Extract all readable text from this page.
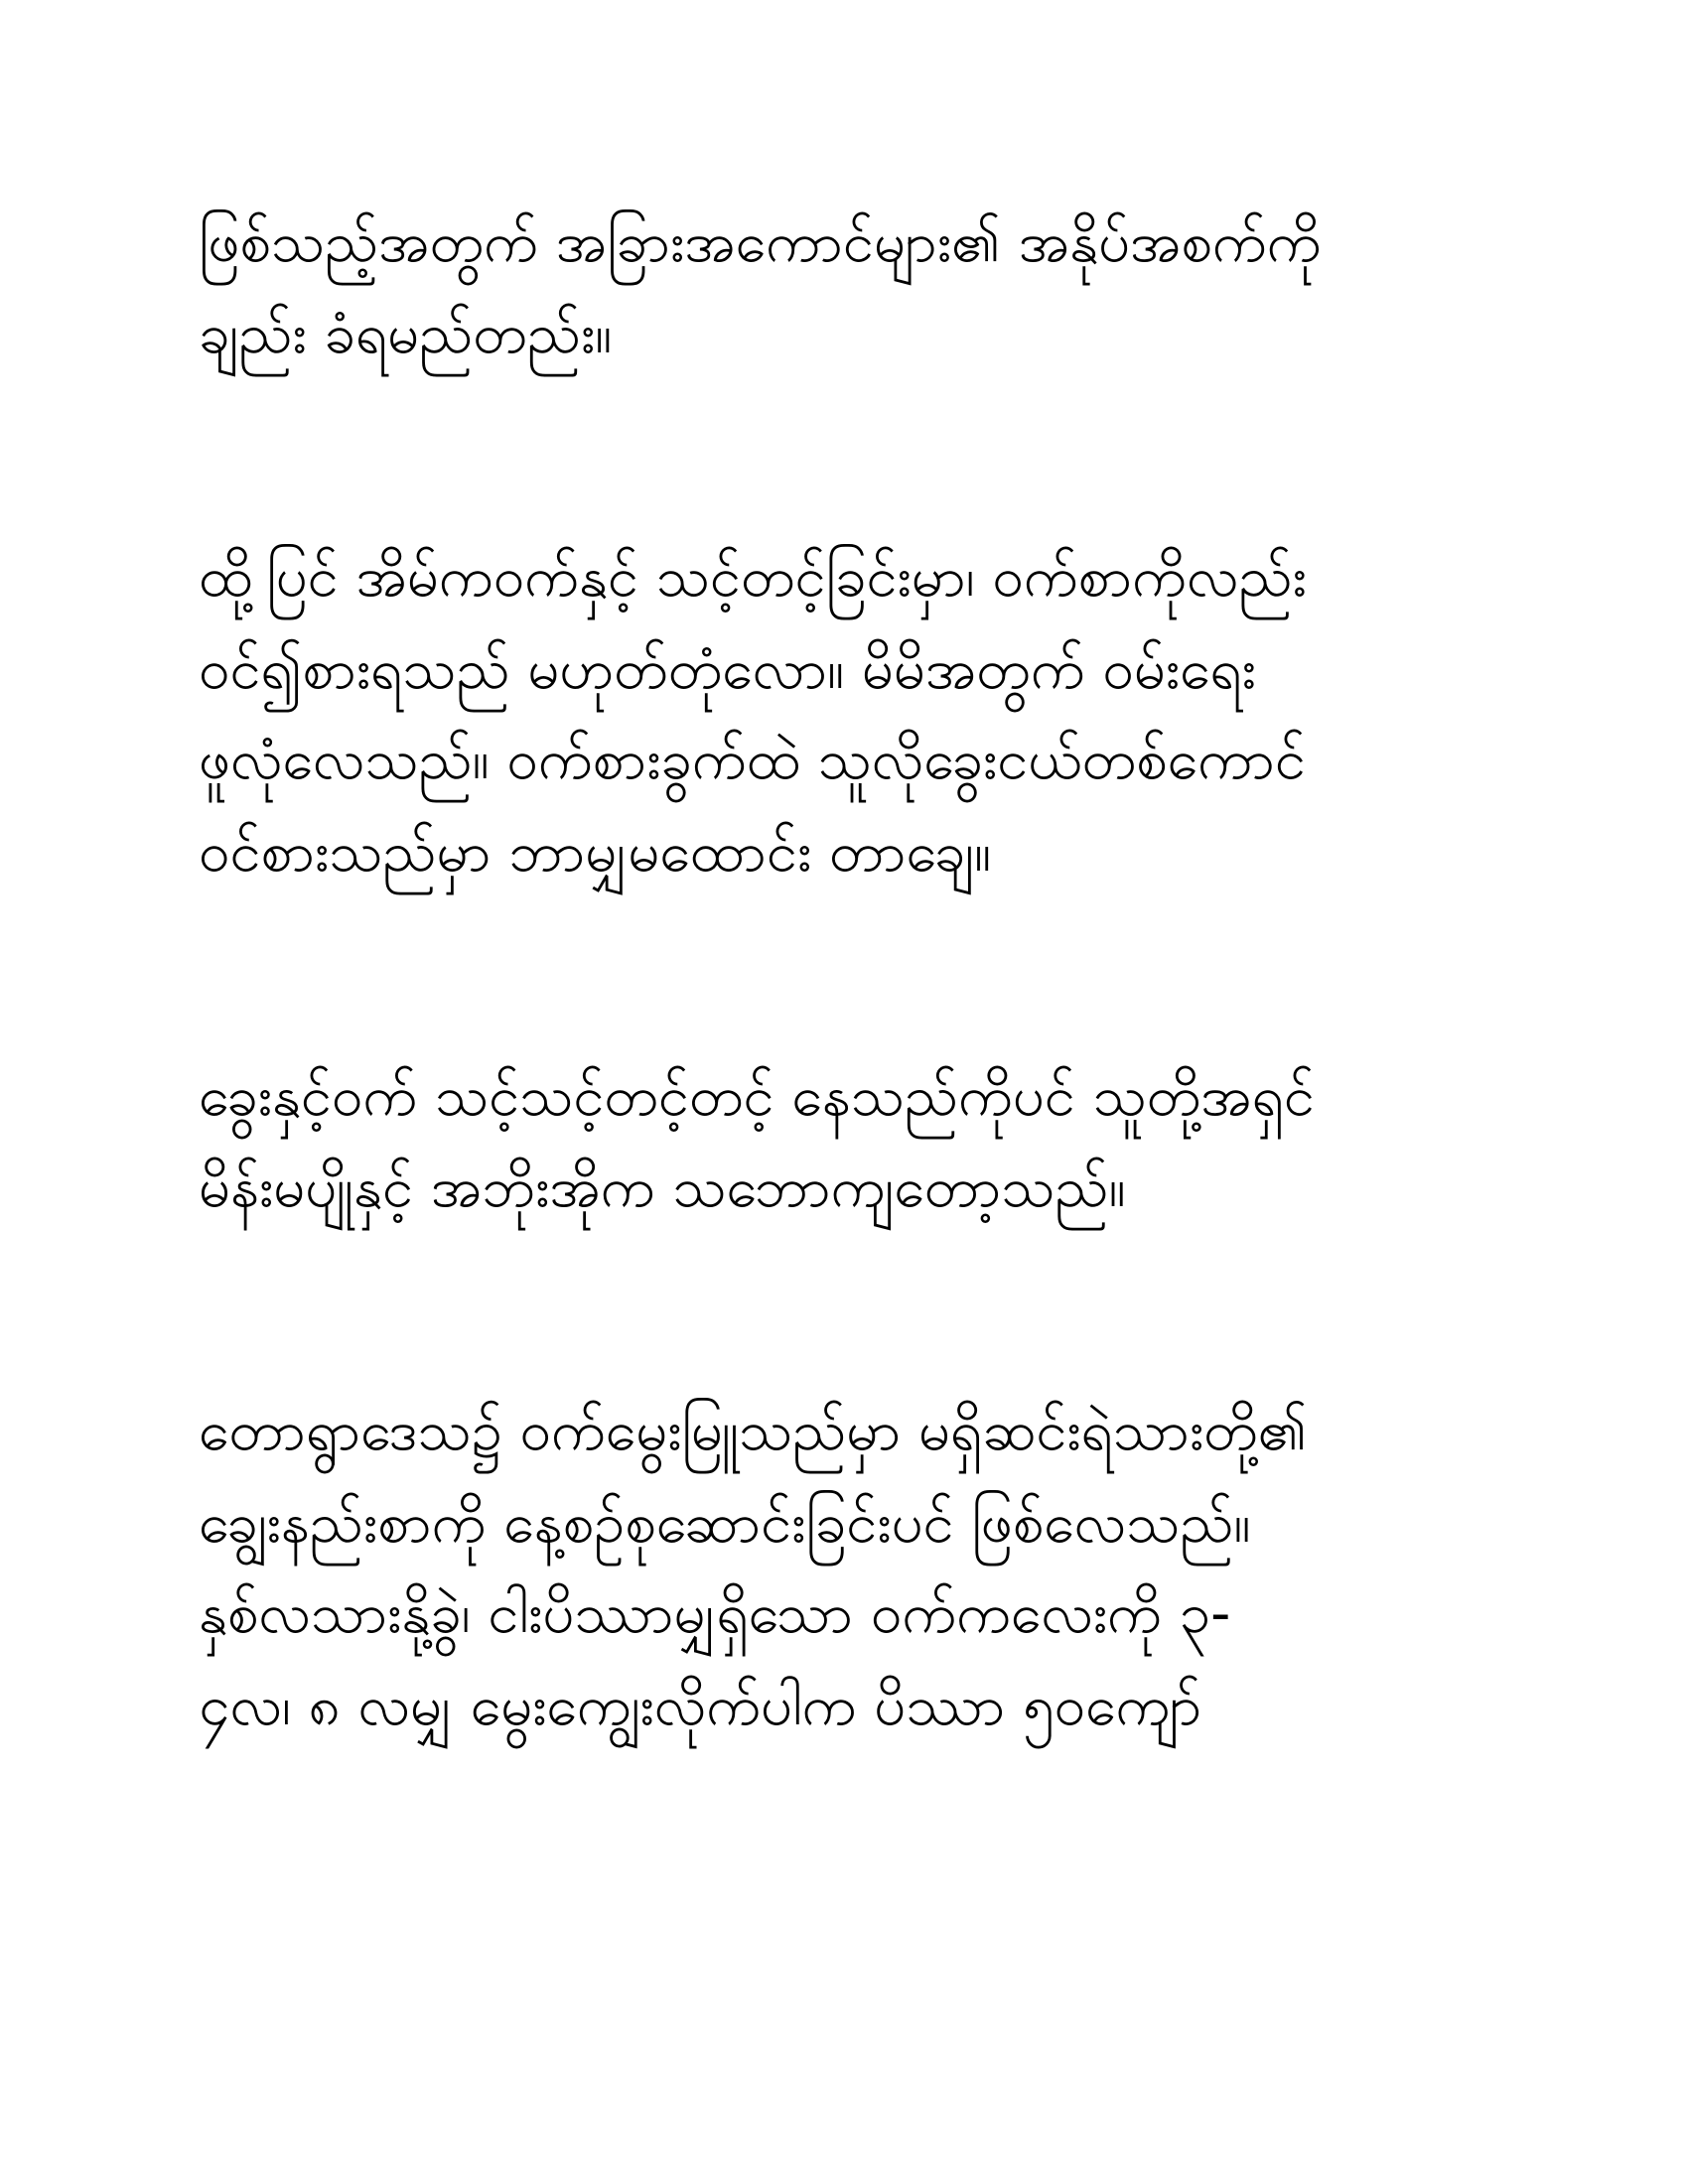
ဖြစ်သည့်အတွက် အခြားအကောင်များ၏ အနိုပ်အစက်ကို
ချည်း ခံရမည်တည်း။
ထို့ပြင် အိမ်ကဝက်နှင့် သင့်တင့်ခြင်းမှာ၊ ဝက်စာကိုလည်း
ဝင်၍စားရသည် မဟုတ်တုံလော။ မိမိအတွက် ဝမ်းရေး
ဖူလုံလေသည်။ ဝက်စားခွက်ထဲ သူလိုခွေးငယ်တစ်ကောင်
ဝင်စားသည်မှာ ဘာမျှမထောင်း တာချေ။
ခွေးနှင့်ဝက် သင့်သင့်တင့်တင့် နေသည်ကိုပင် သူတို့အရှင်
မိန်းမပျိုနှင့် အဘိုးအိုက သဘောကျတော့သည်။
တောရွာဒေသ၌ ဝက်မွေးမြူသည်မှာ မရှိဆင်းရဲသားတို့၏
ချွေးနည်းစာကို နေ့စဉ်စုဆောင်းခြင်းပင် ဖြစ်လေသည်။
နှစ်လသားနို့ခွဲ၊ ငါးပိဿာမျှရှိသော ဝက်ကလေးကို ၃-
၄လ၊ ၈ လမျှ မွေးကျွေးလိုက်ပါက ပိဿာ ၅၀ကျော်
